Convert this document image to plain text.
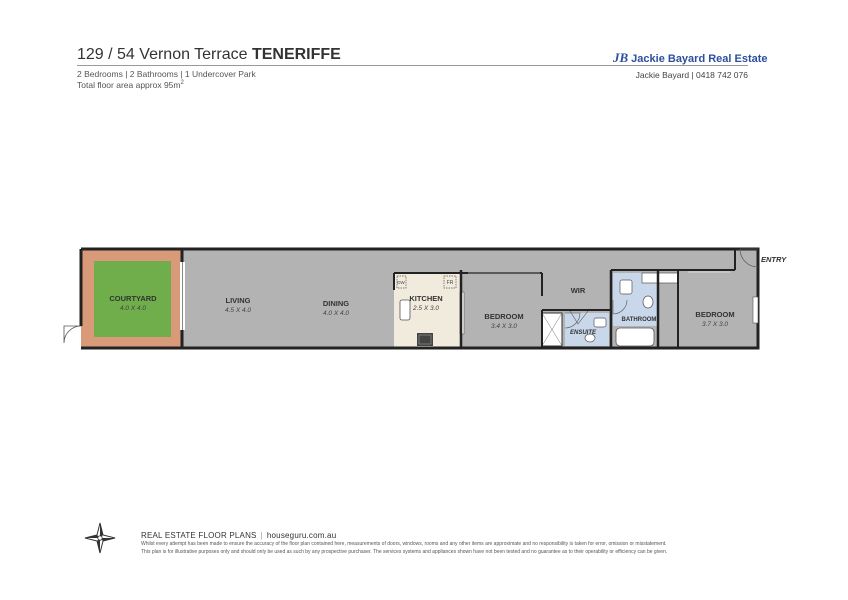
129 / 54 Vernon Terrace TENERIFFE
2 Bedrooms | 2 Bathrooms | 1 Undercover Park
Total floor area approx $95m^2$
JB Jackie Bayard Real Estate
Jackie Bayard | 0418 742 076
COURTYARD
4.0 X 4.0
LIVING
4.5 X 4.0
DINING
4.0 X 4.0
KITCHEN
2.5 X 3.0
FR
DW
BEDROOM
3.4 X 3.0
WIR
ENSUITE
BATHROOM
BEDROOM
3.7 X 3.0
ENTRY
REAL ESTATE FLOOR PLANS | houseguru.com.au
Whilst every attempt has been made to ensure the accuracy of the floor plan contained here, measurements of doors, windows, rooms and any other items are approximate and no responsibility is taken for error, omission or misstatement.
This plan is for illustrative purposes only and should only be used as such by any prospective purchaser. The services systems and appliances shown have not been tested and no guarantee as to their operability or efficiency can be given.
